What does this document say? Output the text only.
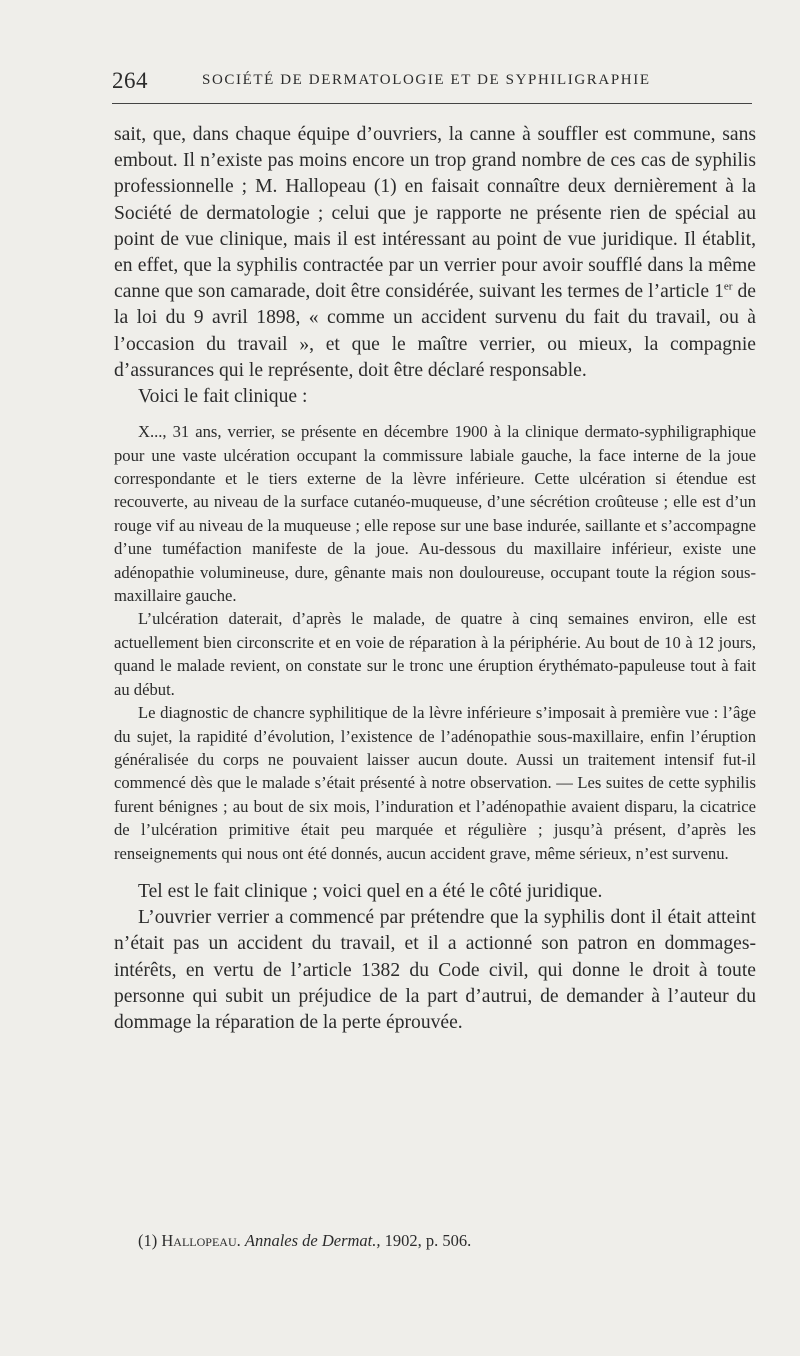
264	SOCIÉTÉ DE DERMATOLOGIE ET DE SYPHILIGRAPHIE

sait, que, dans chaque équipe d’ouvriers, la canne à souffler est commune, sans embout. Il n’existe pas moins encore un trop grand nombre de ces cas de syphilis professionnelle ; M. Hallopeau (1) en faisait connaître deux dernièrement à la Société de dermatologie ; celui que je rapporte ne présente rien de spécial au point de vue clinique, mais il est intéressant au point de vue juridique. Il établit, en effet, que la syphilis contractée par un verrier pour avoir soufflé dans la même canne que son camarade, doit être considérée, suivant les termes de l’article 1er de la loi du 9 avril 1898, « comme un accident survenu du fait du travail, ou à l’occasion du travail », et que le maître verrier, ou mieux, la compagnie d’assurances qui le représente, doit être déclaré responsable.

Voici le fait clinique :

X..., 31 ans, verrier, se présente en décembre 1900 à la clinique dermato-syphiligraphique pour une vaste ulcération occupant la commissure labiale gauche, la face interne de la joue correspondante et le tiers externe de la lèvre inférieure. Cette ulcération si étendue est recouverte, au niveau de la surface cutanéo-muqueuse, d’une sécrétion croûteuse ; elle est d’un rouge vif au niveau de la muqueuse ; elle repose sur une base indurée, saillante et s’accompagne d’une tuméfaction manifeste de la joue. Au-dessous du maxillaire inférieur, existe une adénopathie volumineuse, dure, gênante mais non douloureuse, occupant toute la région sous-maxillaire gauche.

L’ulcération daterait, d’après le malade, de quatre à cinq semaines environ, elle est actuellement bien circonscrite et en voie de réparation à la périphérie. Au bout de 10 à 12 jours, quand le malade revient, on constate sur le tronc une éruption érythémato-papuleuse tout à fait au début.

Le diagnostic de chancre syphilitique de la lèvre inférieure s’imposait à première vue : l’âge du sujet, la rapidité d’évolution, l’existence de l’adénopathie sous-maxillaire, enfin l’éruption généralisée du corps ne pouvaient laisser aucun doute. Aussi un traitement intensif fut-il commencé dès que le malade s’était présenté à notre observation. — Les suites de cette syphilis furent bénignes ; au bout de six mois, l’induration et l’adénopathie avaient disparu, la cicatrice de l’ulcération primitive était peu marquée et régulière ; jusqu’à présent, d’après les renseignements qui nous ont été donnés, aucun accident grave, même sérieux, n’est survenu.

Tel est le fait clinique ; voici quel en a été le côté juridique.

L’ouvrier verrier a commencé par prétendre que la syphilis dont il était atteint n’était pas un accident du travail, et il a actionné son patron en dommages-intérêts, en vertu de l’article 1382 du Code civil, qui donne le droit à toute personne qui subit un préjudice de la part d’autrui, de demander à l’auteur du dommage la réparation de la perte éprouvée.

(1) Hallopeau. Annales de Dermat., 1902, p. 506.
